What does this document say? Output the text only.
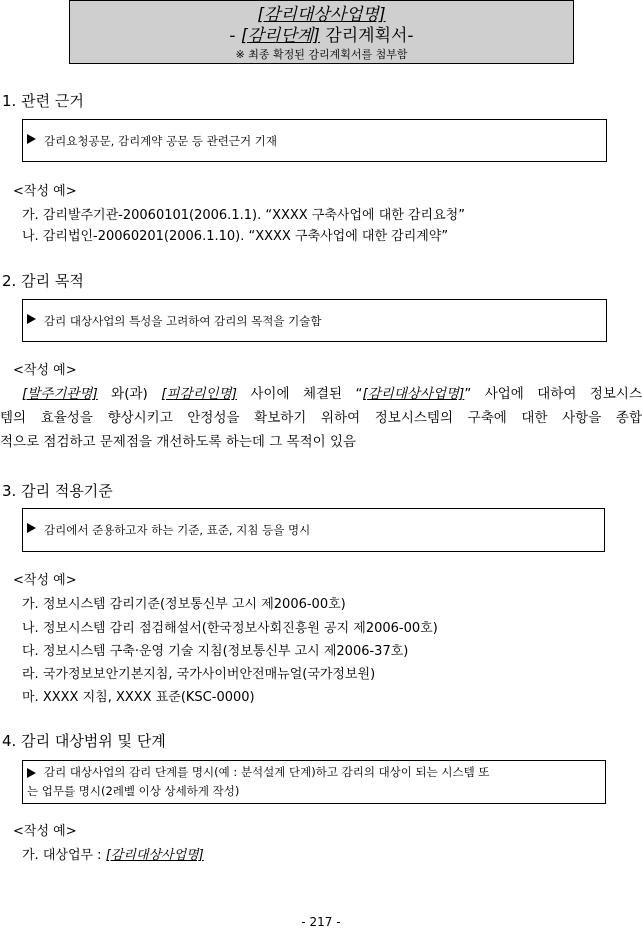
[감리대상사업명]
- [감리단계] 감리계획서-
※ 최종 확정된 감리계획서를 첨부함
1. 관련 근거
감리요청공문, 감리계약 공문 등 관련근거 기재
<작성 예>
가. 감리발주기관-20060101(2006.1.1). “XXXX 구축사업에 대한 감리요청”
나. 감리법인-20060201(2006.1.10). “XXXX 구축사업에 대한 감리계약”
2. 감리 목적
감리 대상사업의 특성을 고려하여 감리의 목적을 기술함
<작성 예>
[발주기관명] 와(과) [피감리인명] 사이에 체결된 “[감리대상사업명]” 사업에 대하여 정보시스
템의 효율성을 향상시키고 안정성을 확보하기 위하여 정보시스템의 구축에 대한 사항을 종합
적으로 점검하고 문제점을 개선하도록 하는데 그 목적이 있음
3. 감리 적용기준
감리에서 준용하고자 하는 기준, 표준, 지침 등을 명시
<작성 예>
가. 정보시스템 감리기준(정보통신부 고시 제2006-00호)
나. 정보시스템 감리 점검해설서(한국정보사회진흥원 공지 제2006-00호)
다. 정보시스템 구축·운영 기술 지침(정보통신부 고시 제2006-37호)
라. 국가정보보안기본지침, 국가사이버안전매뉴얼(국가정보원)
마. XXXX 지침, XXXX 표준(KSC-0000)
4. 감리 대상범위 및 단계
감리 대상사업의 감리 단계를 명시(예 : 분석설계 단계)하고 감리의 대상이 되는 시스템 또
는 업무를 명시(2레벨 이상 상세하게 작성)
<작성 예>
가. 대상업무 : [감리대상사업명]
- 217 -
